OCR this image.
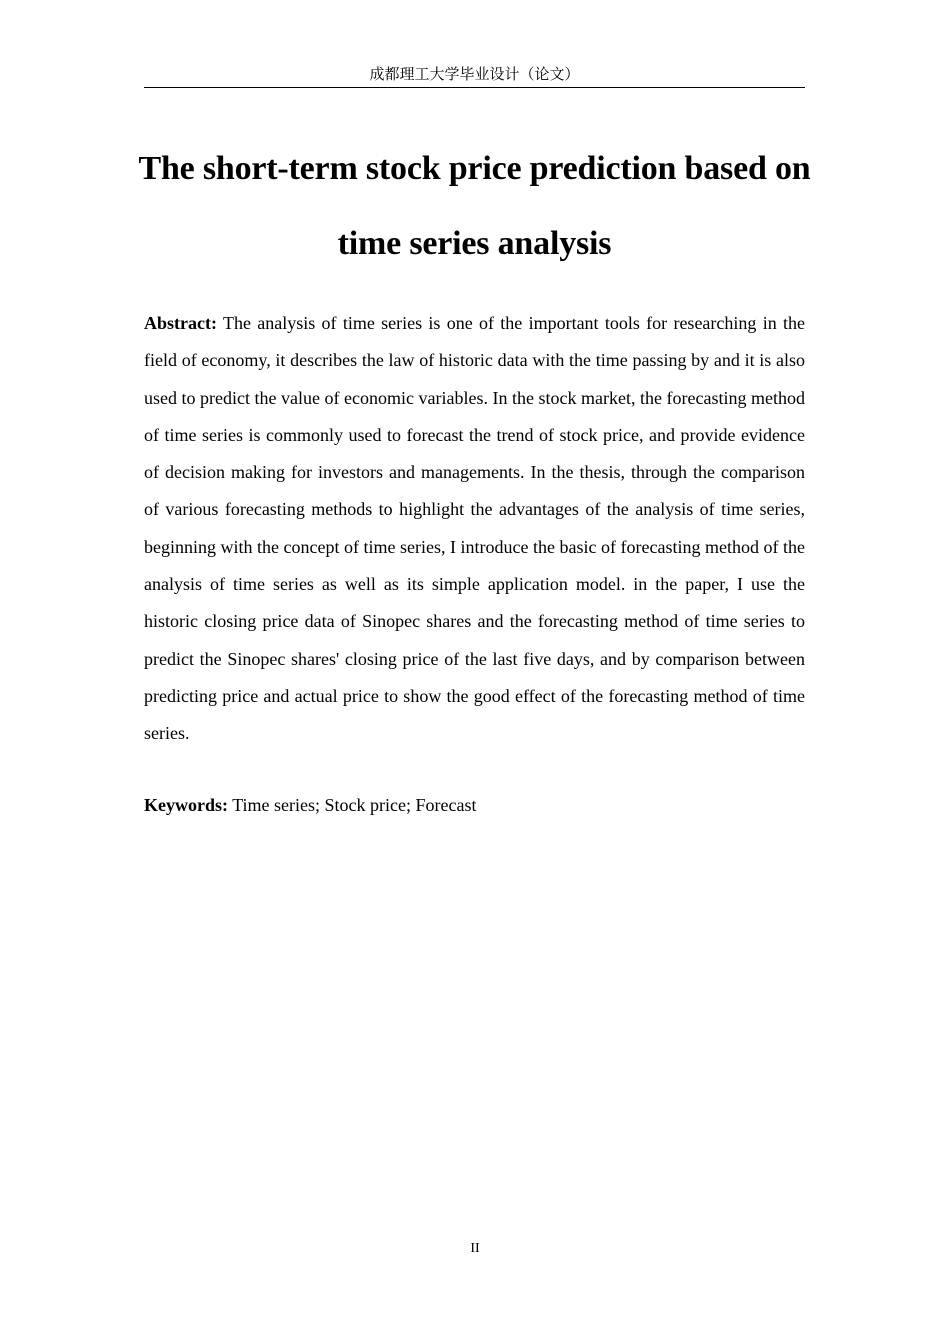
成都理工大学毕业设计（论文）
The short-term stock price prediction based on time series analysis

Abstract: The analysis of time series is one of the important tools for researching in the field of economy, it describes the law of historic data with the time passing by and it is also used to predict the value of economic variables. In the stock market, the forecasting method of time series is commonly used to forecast the trend of stock price, and provide evidence of decision making for investors and managements. In the thesis, through the comparison of various forecasting methods to highlight the advantages of the analysis of time series, beginning with the concept of time series, I introduce the basic of forecasting method of the analysis of time series as well as its simple application model. in the paper, I use the historic closing price data of Sinopec shares and the forecasting method of time series to predict the Sinopec shares' closing price of the last five days, and by comparison between predicting price and actual price to show the good effect of the forecasting method of time series.

Keywords: Time series; Stock price; Forecast

II
